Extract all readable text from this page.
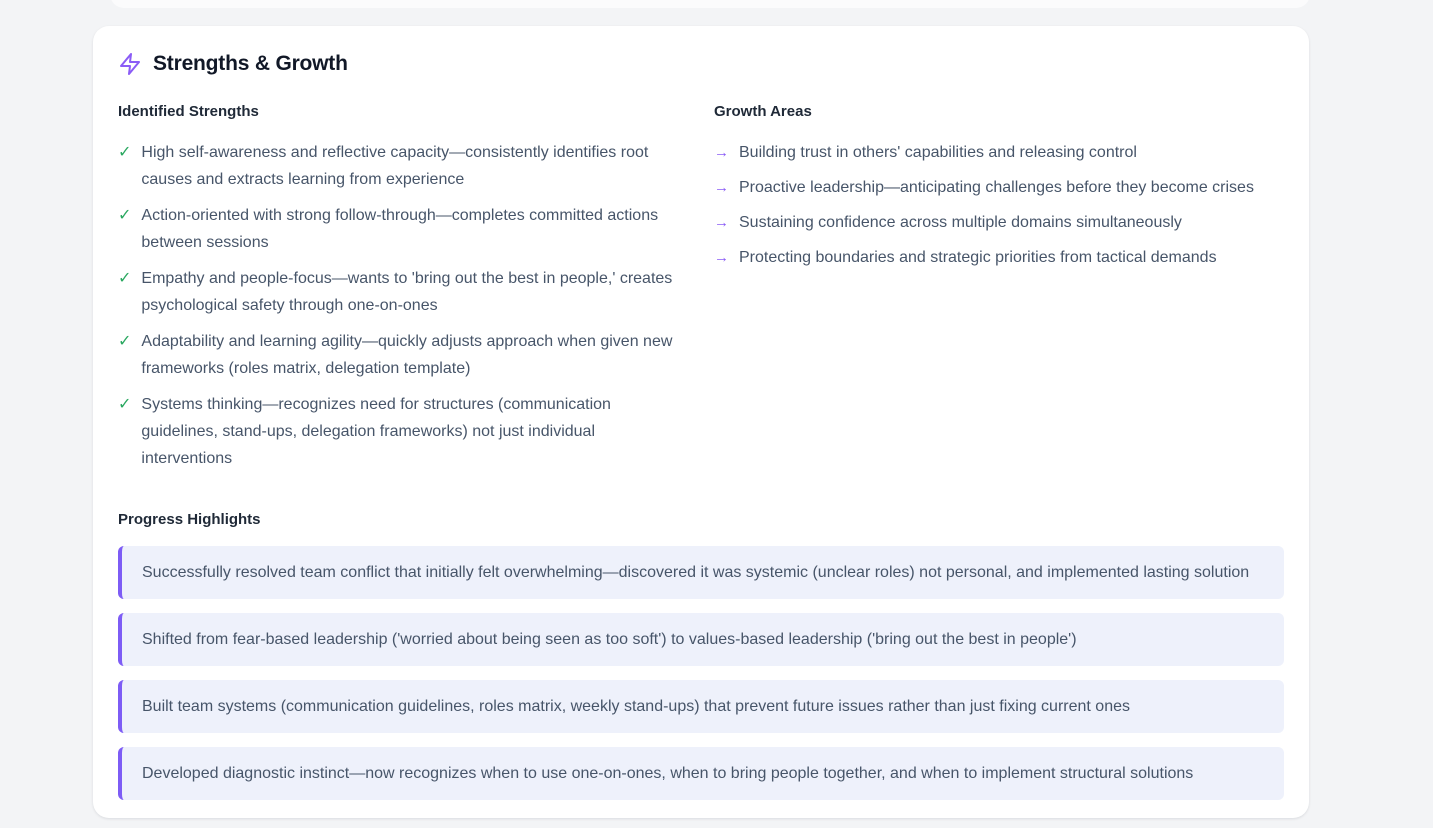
Strengths & Growth
Identified Strengths
✓ High self-awareness and reflective capacity—consistently identifies root causes and extracts learning from experience
✓ Action-oriented with strong follow-through—completes committed actions between sessions
✓ Empathy and people-focus—wants to 'bring out the best in people,' creates psychological safety through one-on-ones
✓ Adaptability and learning agility—quickly adjusts approach when given new frameworks (roles matrix, delegation template)
✓ Systems thinking—recognizes need for structures (communication guidelines, stand-ups, delegation frameworks) not just individual interventions
Growth Areas
→ Building trust in others' capabilities and releasing control
→ Proactive leadership—anticipating challenges before they become crises
→ Sustaining confidence across multiple domains simultaneously
→ Protecting boundaries and strategic priorities from tactical demands
Progress Highlights
Successfully resolved team conflict that initially felt overwhelming—discovered it was systemic (unclear roles) not personal, and implemented lasting solution
Shifted from fear-based leadership ('worried about being seen as too soft') to values-based leadership ('bring out the best in people')
Built team systems (communication guidelines, roles matrix, weekly stand-ups) that prevent future issues rather than just fixing current ones
Developed diagnostic instinct—now recognizes when to use one-on-ones, when to bring people together, and when to implement structural solutions
